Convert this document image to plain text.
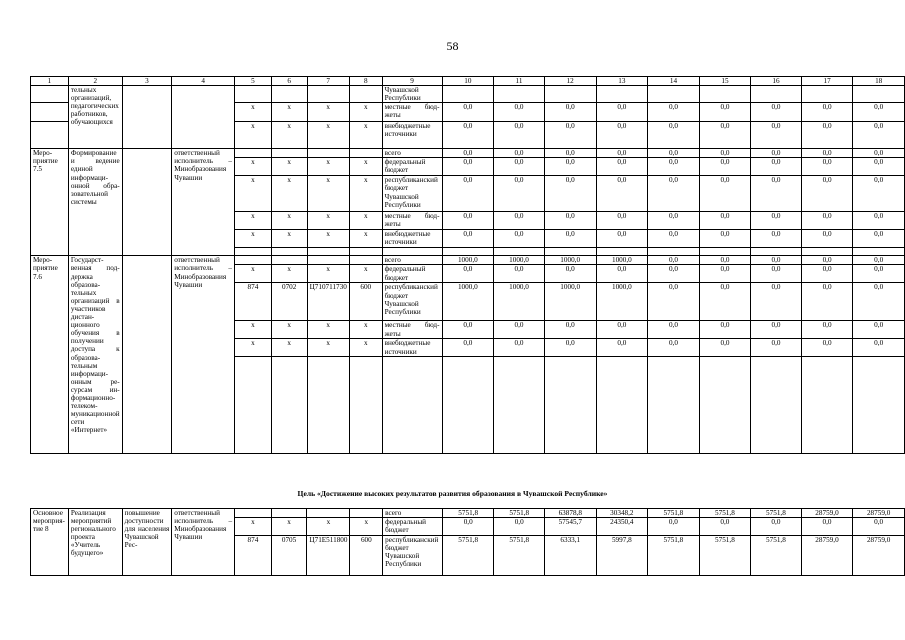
58
1	2	3	4	5	6	7	8	9	10	11	12	13	14	15	16	17	18
	тельных организаций, педагогических работников, обучающихся							Чувашской Республики									
				x	x	x	x	местные бюджеты	0,0	0,0	0,0	0,0	0,0	0,0	0,0	0,0	0,0
				x	x	x	x	внебюджетные источники	0,0	0,0	0,0	0,0	0,0	0,0	0,0	0,0	0,0
Мероприятие 7.5	Формирование и ведение единой информационной образовательной системы		ответственный исполнитель – Минобразования Чувашии					всего	0,0	0,0	0,0	0,0	0,0	0,0	0,0	0,0	0,0
				x	x	x	x	федеральный бюджет	0,0	0,0	0,0	0,0	0,0	0,0	0,0	0,0	0,0
				x	x	x	x	республиканский бюджет Чувашской Республики	0,0	0,0	0,0	0,0	0,0	0,0	0,0	0,0	0,0
				x	x	x	x	местные бюджеты	0,0	0,0	0,0	0,0	0,0	0,0	0,0	0,0	0,0
				x	x	x	x	внебюджетные источники	0,0	0,0	0,0	0,0	0,0	0,0	0,0	0,0	0,0

Мероприятие 7.6	Государственная поддержка образовательных организаций в участииков дистанционного обучения в получении доступа к образовательным информационным ресурсам информационно-телекоммуникационной сети «Интернет»		ответственный исполнитель – Минобразования Чувашии					всего	1000,0	1000,0	1000,0	1000,0	0,0	0,0	0,0	0,0	0,0
				x	x	x	x	федеральный бюджет	0,0	0,0	0,0	0,0	0,0	0,0	0,0	0,0	0,0
				874	0702	Ц710711730	600	республиканский бюджет Чувашской Республики	1000,0	1000,0	1000,0	1000,0	0,0	0,0	0,0	0,0	0,0
				x	x	x	x	местные бюджеты	0,0	0,0	0,0	0,0	0,0	0,0	0,0	0,0	0,0
				x	x	x	x	внебюджетные источники	0,0	0,0	0,0	0,0	0,0	0,0	0,0	0,0	0,0

Цель «Достижение высоких результатов развития образования в Чувашской Республике»
Основное мероприятие 8	Реализация мероприятий регионального проекта «Учитель будущего»	повышение доступности для населения Чувашской Рес-	ответственный исполнитель – Минобразования Чувашии					всего	5751,8	5751,8	63878,8	30348,2	5751,8	5751,8	5751,8	28759,0	28759,0
				x	x	x	x	федеральный бюджет	0,0	0,0	57545,7	24350,4	0,0	0,0	0,0	0,0	0,0
				874	0705	Ц71Е511800	600	республиканский бюджет Чувашской Республики	5751,8	5751,8	6333,1	5997,8	5751,8	5751,8	5751,8	28759,0	28759,0
